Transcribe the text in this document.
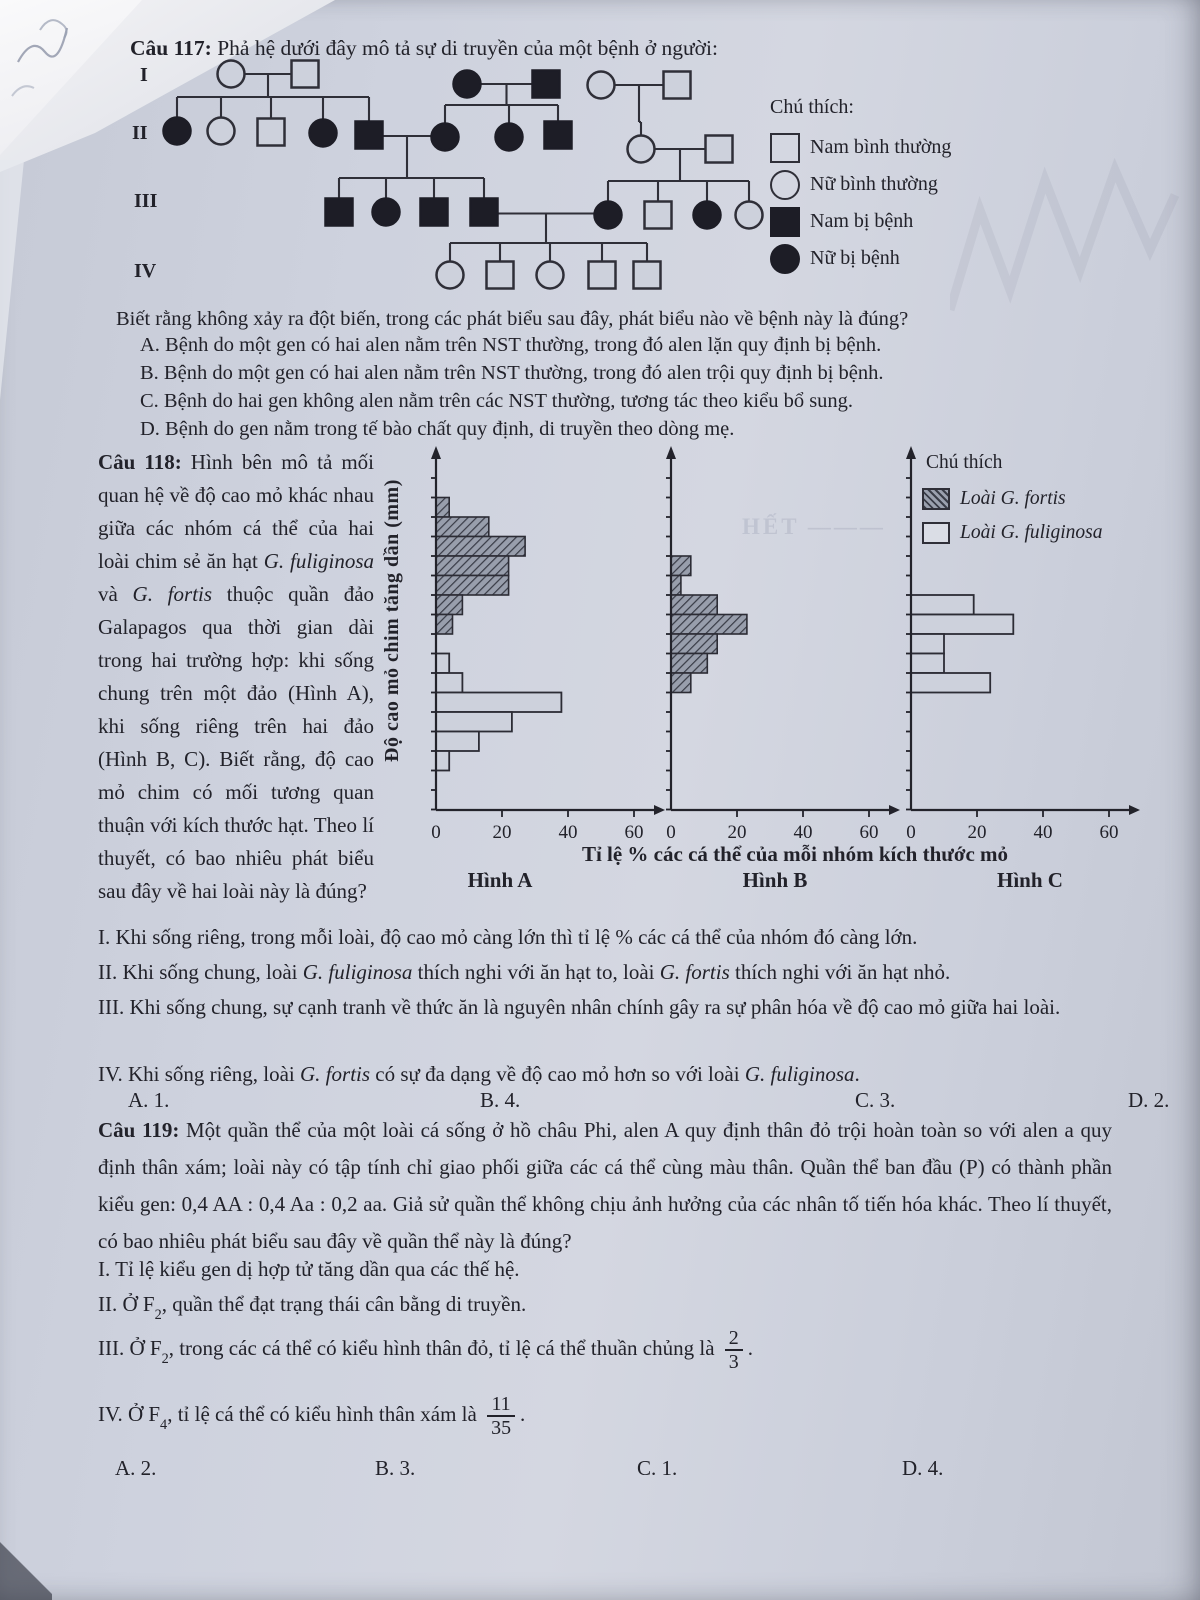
HẾT ———
Câu 117: Phả hệ dưới đây mô tả sự di truyền của một bệnh ở người:
I
II
III
IV
Chú thích:
Nam bình thường
Nữ bình thường
Nam bị bệnh
Nữ bị bệnh
Biết rằng không xảy ra đột biến, trong các phát biểu sau đây, phát biểu nào về bệnh này là đúng?
A. Bệnh do một gen có hai alen nằm trên NST thường, trong đó alen lặn quy định bị bệnh.
B. Bệnh do một gen có hai alen nằm trên NST thường, trong đó alen trội quy định bị bệnh.
C. Bệnh do hai gen không alen nằm trên các NST thường, tương tác theo kiểu bổ sung.
D. Bệnh do gen nằm trong tế bào chất quy định, di truyền theo dòng mẹ.
Câu 118: Hình bên mô tả mối quan hệ về độ cao mỏ khác nhau giữa các nhóm cá thể của hai loài chim sẻ ăn hạt G. fuliginosa và G. fortis thuộc quần đảo Galapagos qua thời gian dài trong hai trường hợp: khi sống chung trên một đảo (Hình A), khi sống riêng trên hai đảo (Hình B, C). Biết rằng, độ cao mỏ chim có mối tương quan thuận với kích thước hạt. Theo lí thuyết, có bao nhiêu phát biểu sau đây về hai loài này là đúng?
Độ cao mỏ chim tăng dần (mm)
0	20 40 60 0	20 40 60 0	20 40 60
Chú thích
Loài G. fortis
Loài G. fuliginosa
Tỉ lệ % các cá thể của mỗi nhóm kích thước mỏ
Hình A	Hình B	Hình C
I. Khi sống riêng, trong mỗi loài, độ cao mỏ càng lớn thì tỉ lệ % các cá thể của nhóm đó càng lớn.
II. Khi sống chung, loài G. fuliginosa thích nghi với ăn hạt to, loài G. fortis thích nghi với ăn hạt nhỏ.
III. Khi sống chung, sự cạnh tranh về thức ăn là nguyên nhân chính gây ra sự phân hóa về độ cao mỏ giữa hai loài.
IV. Khi sống riêng, loài G. fortis có sự đa dạng về độ cao mỏ hơn so với loài G. fuliginosa.
A. 1.	B. 4.	C. 3.	D. 2.
Câu 119: Một quần thể của một loài cá sống ở hồ châu Phi, alen A quy định thân đỏ trội hoàn toàn so với alen a quy định thân xám; loài này có tập tính chỉ giao phối giữa các cá thể cùng màu thân. Quần thể ban đầu (P) có thành phần kiểu gen: 0,4 AA : 0,4 Aa : 0,2 aa. Giả sử quần thể không chịu ảnh hưởng của các nhân tố tiến hóa khác. Theo lí thuyết, có bao nhiêu phát biểu sau đây về quần thể này là đúng?
I. Tỉ lệ kiểu gen dị hợp tử tăng dần qua các thế hệ.
II. Ở $F_2$, quần thể đạt trạng thái cân bằng di truyền.
III. Ở $F_2$, trong các cá thể có kiểu hình thân đỏ, tỉ lệ cá thể thuần chủng là $\frac{2}{3}$ .
IV. Ở $F_4$, tỉ lệ cá thể có kiểu hình thân xám là $\frac{11}{35}$ .
A. 2.	B. 3.	C. 1.	D. 4.
